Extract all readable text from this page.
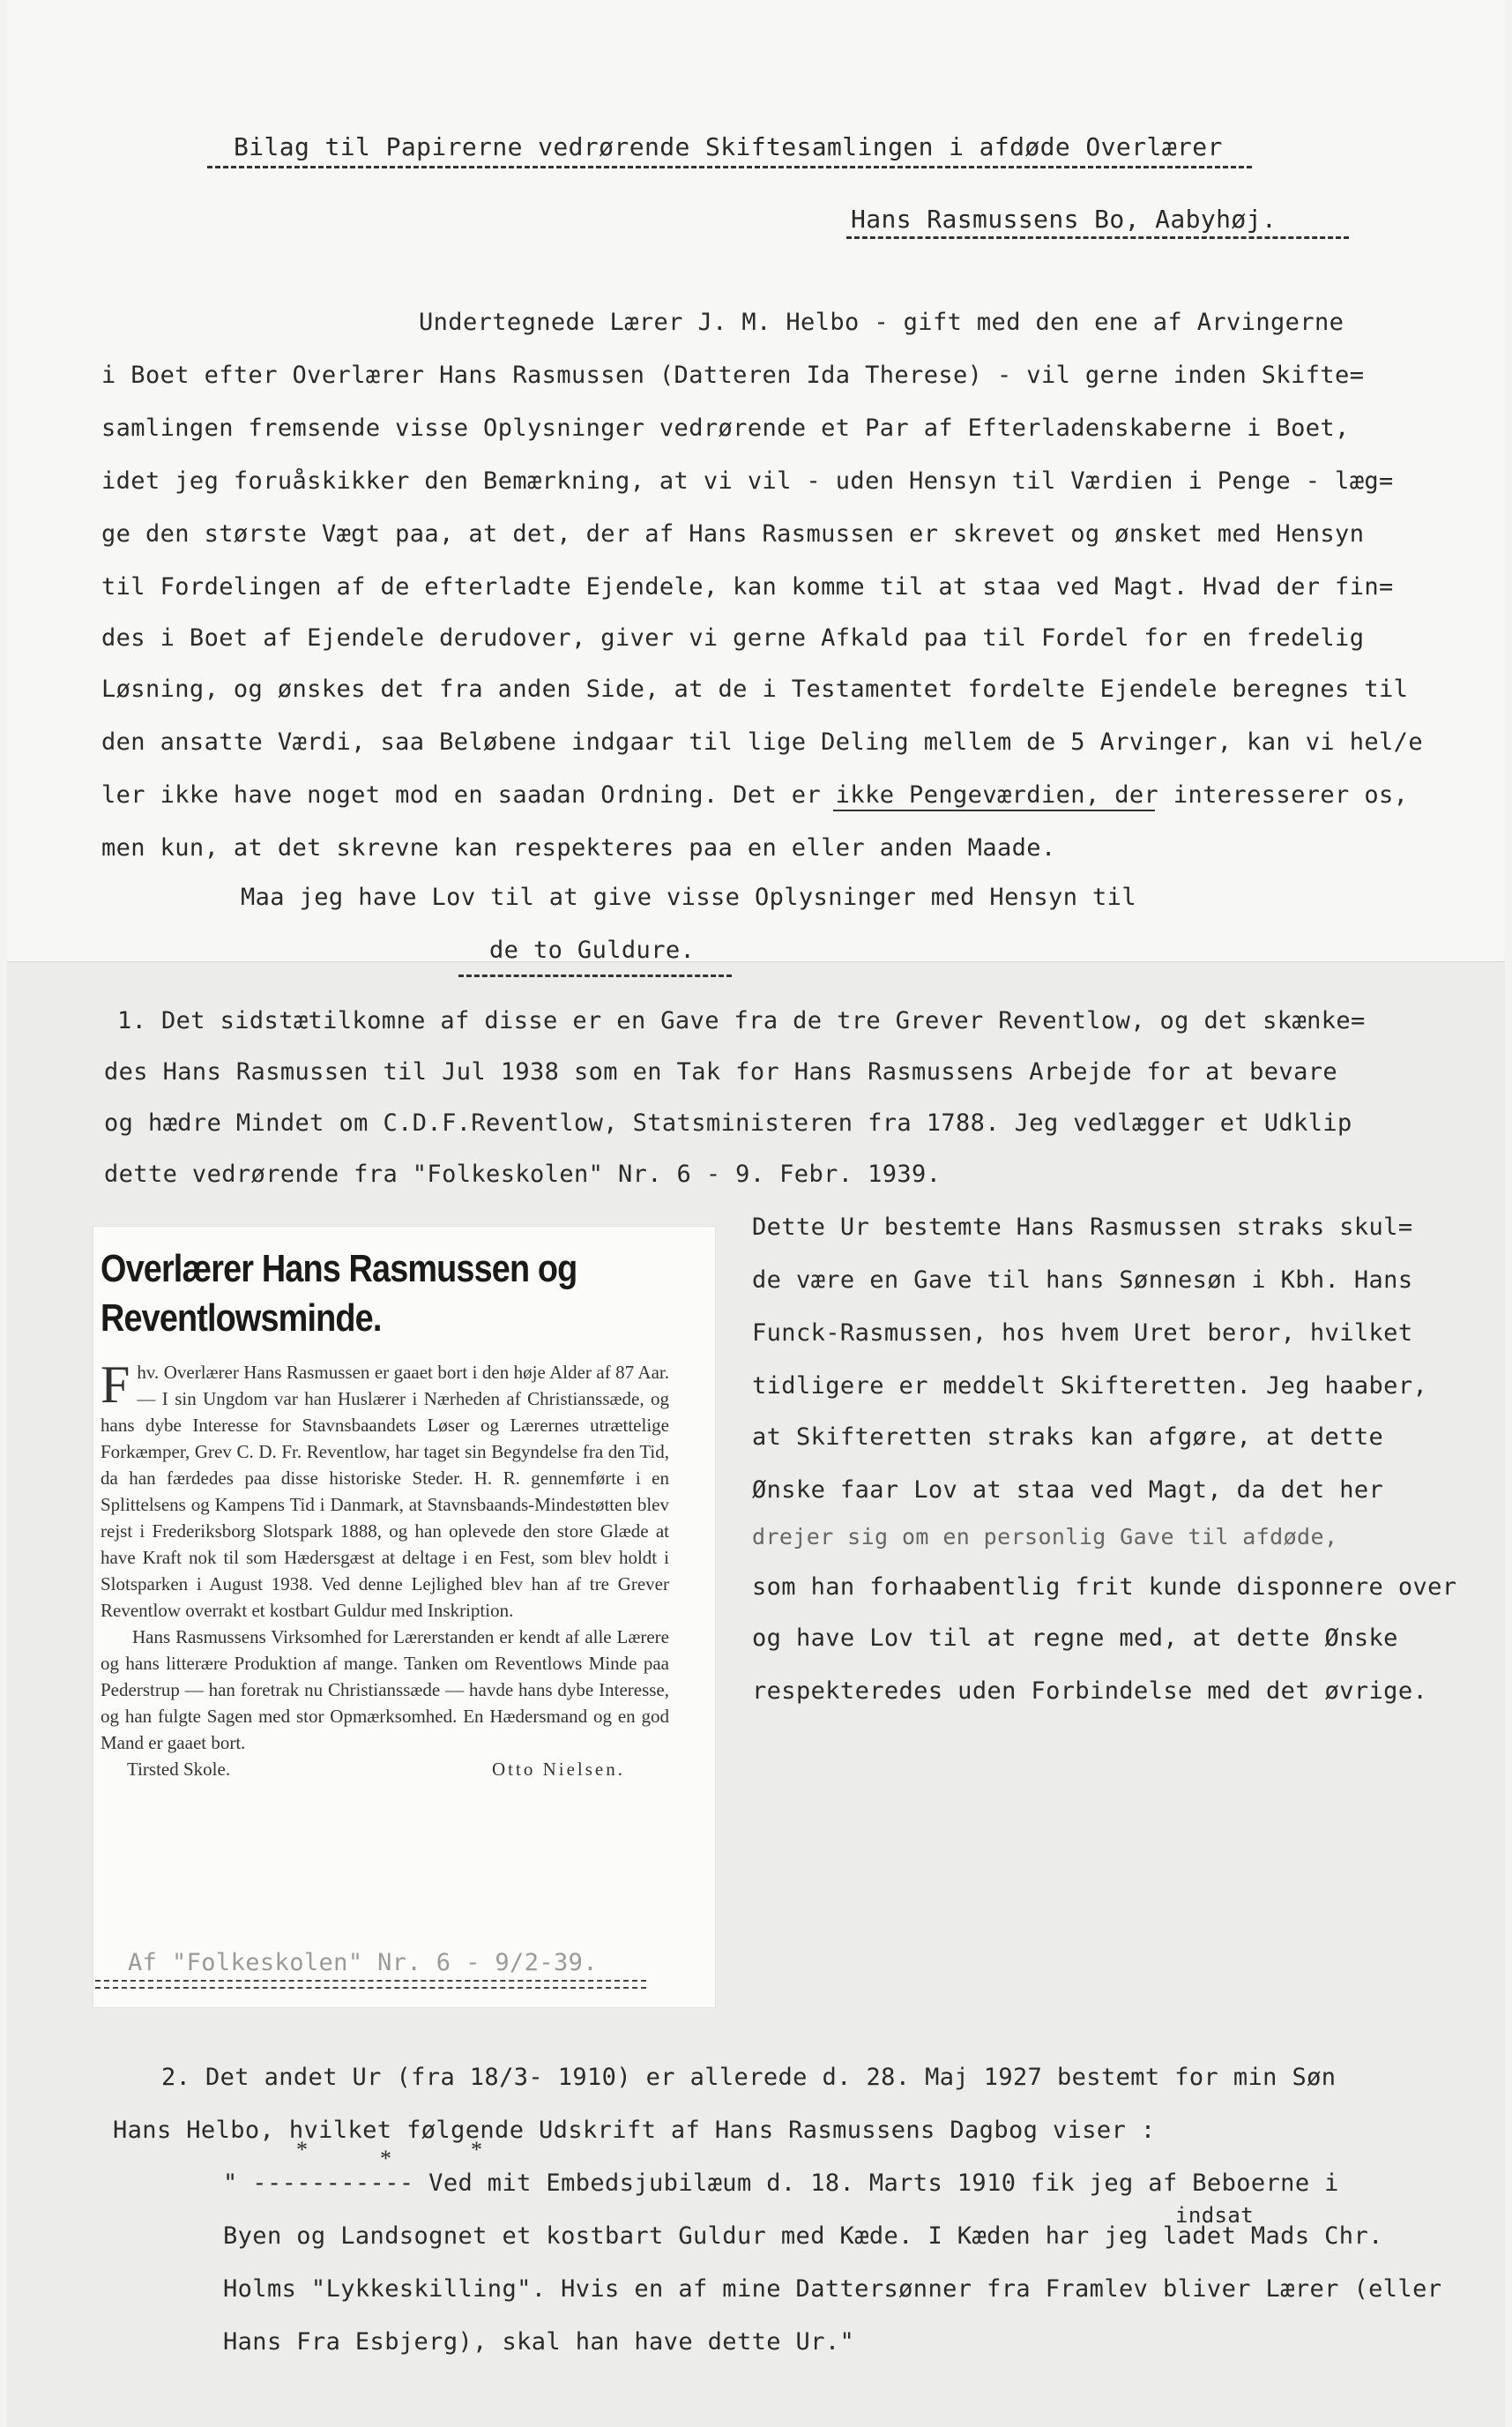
Bilag til Papirerne vedrørende Skiftesamlingen i afdøde Overlærer
Hans Rasmussens Bo, Aabyhøj.
Undertegnede Lærer J. M. Helbo - gift med den ene af Arvingerne
i Boet efter Overlærer Hans Rasmussen (Datteren Ida Therese) - vil gerne inden Skifte=
samlingen fremsende visse Oplysninger vedrørende et Par af Efterladenskaberne i Boet,
idet jeg foruåskikker den Bemærkning, at vi vil - uden Hensyn til Værdien i Penge - læg=
ge den største Vægt paa, at det, der af Hans Rasmussen er skrevet og ønsket med Hensyn
til Fordelingen af de efterladte Ejendele, kan komme til at staa ved Magt. Hvad der fin=
des i Boet af Ejendele derudover, giver vi gerne Afkald paa til Fordel for en fredelig
Løsning, og ønskes det fra anden Side, at de i Testamentet fordelte Ejendele beregnes til
den ansatte Værdi, saa Beløbene indgaar til lige Deling mellem de 5 Arvinger, kan vi hel/e
ler ikke have noget mod en saadan Ordning. Det er ikke Pengeværdien, der interesserer os,
men kun, at det skrevne kan respekteres paa en eller anden Maade.
Maa jeg have Lov til at give visse Oplysninger med Hensyn til
de to Guldure.
1. Det sidstætilkomne af disse er en Gave fra de tre Grever Reventlow, og det skænke=
des Hans Rasmussen til Jul 1938 som en Tak for Hans Rasmussens Arbejde for at bevare
og hædre Mindet om C.D.F.Reventlow, Statsministeren fra 1788. Jeg vedlægger et Udklip
dette vedrørende fra "Folkeskolen" Nr. 6 - 9. Febr. 1939.
Dette Ur bestemte Hans Rasmussen straks skul=
de være en Gave til hans Sønnesøn i Kbh. Hans
Funck-Rasmussen, hos hvem Uret beror, hvilket
tidligere er meddelt Skifteretten. Jeg haaber,
at Skifteretten straks kan afgøre, at dette
Ønske faar Lov at staa ved Magt, da det her
drejer sig om en personlig Gave til afdøde,
som han forhaabentlig frit kunde disponnere over
og have Lov til at regne med, at dette Ønske
respekteredes uden Forbindelse med det øvrige.
Overlærer Hans Rasmussen og Reventlowsminde.

Fhv. Overlærer Hans Rasmussen er gaaet bort i den høje Alder af 87 Aar. — I sin Ungdom var han Huslærer i Nærheden af Christianssæde, og hans dybe Interesse for Stavnsbaandets Løser og Lærernes utrættelige Forkæmper, Grev C. D. Fr. Reventlow, har taget sin Begyndelse fra den Tid, da han færdedes paa disse historiske Steder. H. R. gennemførte i en Splittelsens og Kampens Tid i Danmark, at Stavnsbaands-Mindestøtten blev rejst i Frederiksborg Slotspark 1888, og han oplevede den store Glæde at have Kraft nok til som Hædersgæst at deltage i en Fest, som blev holdt i Slotsparken i August 1938. Ved denne Lejlighed blev han af tre Grever Reventlow overrakt et kostbart Guldur med Inskription.

Hans Rasmussens Virksomhed for Lærerstanden er kendt af alle Lærere og hans litterære Produktion af mange. Tanken om Reventlows Minde paa Pederstrup — han foretrak nu Christianssæde — havde hans dybe Interesse, og han fulgte Sagen med stor Opmærksomhed. En Hædersmand og en god Mand er gaaet bort.

Tirsted Skole.	Otto Nielsen.
*	*	*
Af "Folkeskolen" Nr. 6 - 9/2-39.
2. Det andet Ur (fra 18/3- 1910) er allerede d. 28. Maj 1927 bestemt for min Søn
Hans Helbo, hvilket følgende Udskrift af Hans Rasmussens Dagbog viser :
" ----------- Ved mit Embedsjubilæum d. 18. Marts 1910 fik jeg af Beboerne i
indsat
Byen og Landsognet et kostbart Guldur med Kæde. I Kæden har jeg ladet Mads Chr.
Holms "Lykkeskilling". Hvis en af mine Dattersønner fra Framlev bliver Lærer (eller
Hans Fra Esbjerg), skal han have dette Ur."
